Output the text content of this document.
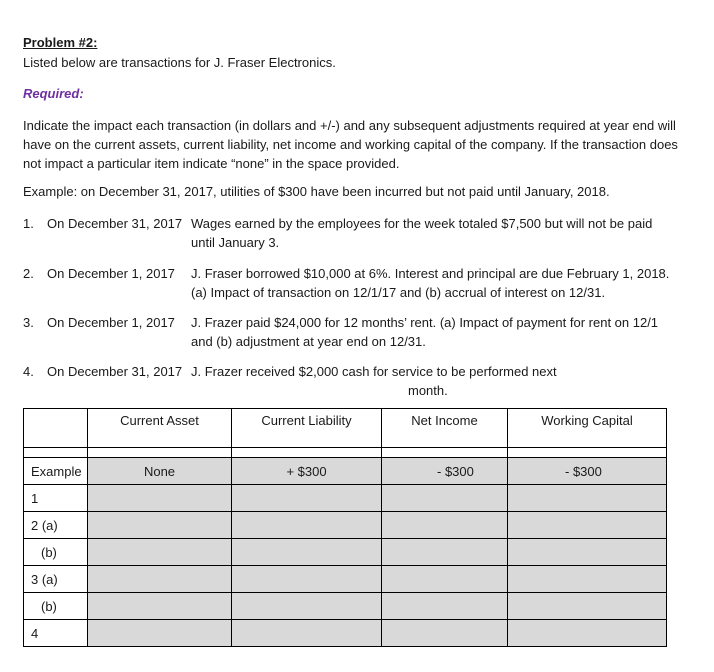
Problem #2:
Listed below are transactions for J. Fraser Electronics.
Required:
Indicate the impact each transaction (in dollars and +/-) and any subsequent adjustments required at year end will have on the current assets, current liability, net income and working capital of the company. If the transaction does not impact a particular item indicate “none” in the space provided.
Example: on December 31, 2017, utilities of $300 have been incurred but not paid until January, 2018.
1. On December 31, 2017 Wages earned by the employees for the week totaled $7,500 but will not be paid
until January 3.
2. On December 1, 2017 J. Fraser borrowed $10,000 at 6%. Interest and principal are due February 1, 2018.
(a) Impact of transaction on 12/1/17 and (b) accrual of interest on 12/31.
3. On December 1, 2017 J. Frazer paid $24,000 for 12 months’ rent. (a) Impact of payment for rent on 12/1
and (b) adjustment at year end on 12/31.
4. On December 31, 2017 J. Frazer received $2,000 cash for service to be performed next
month.
	Current Asset	Current Liability	Net Income	Working Capital

Example	None	+ $300	- $300	- $300
1				
2 (a)				
(b)				
3 (a)				
(b)				
4				
